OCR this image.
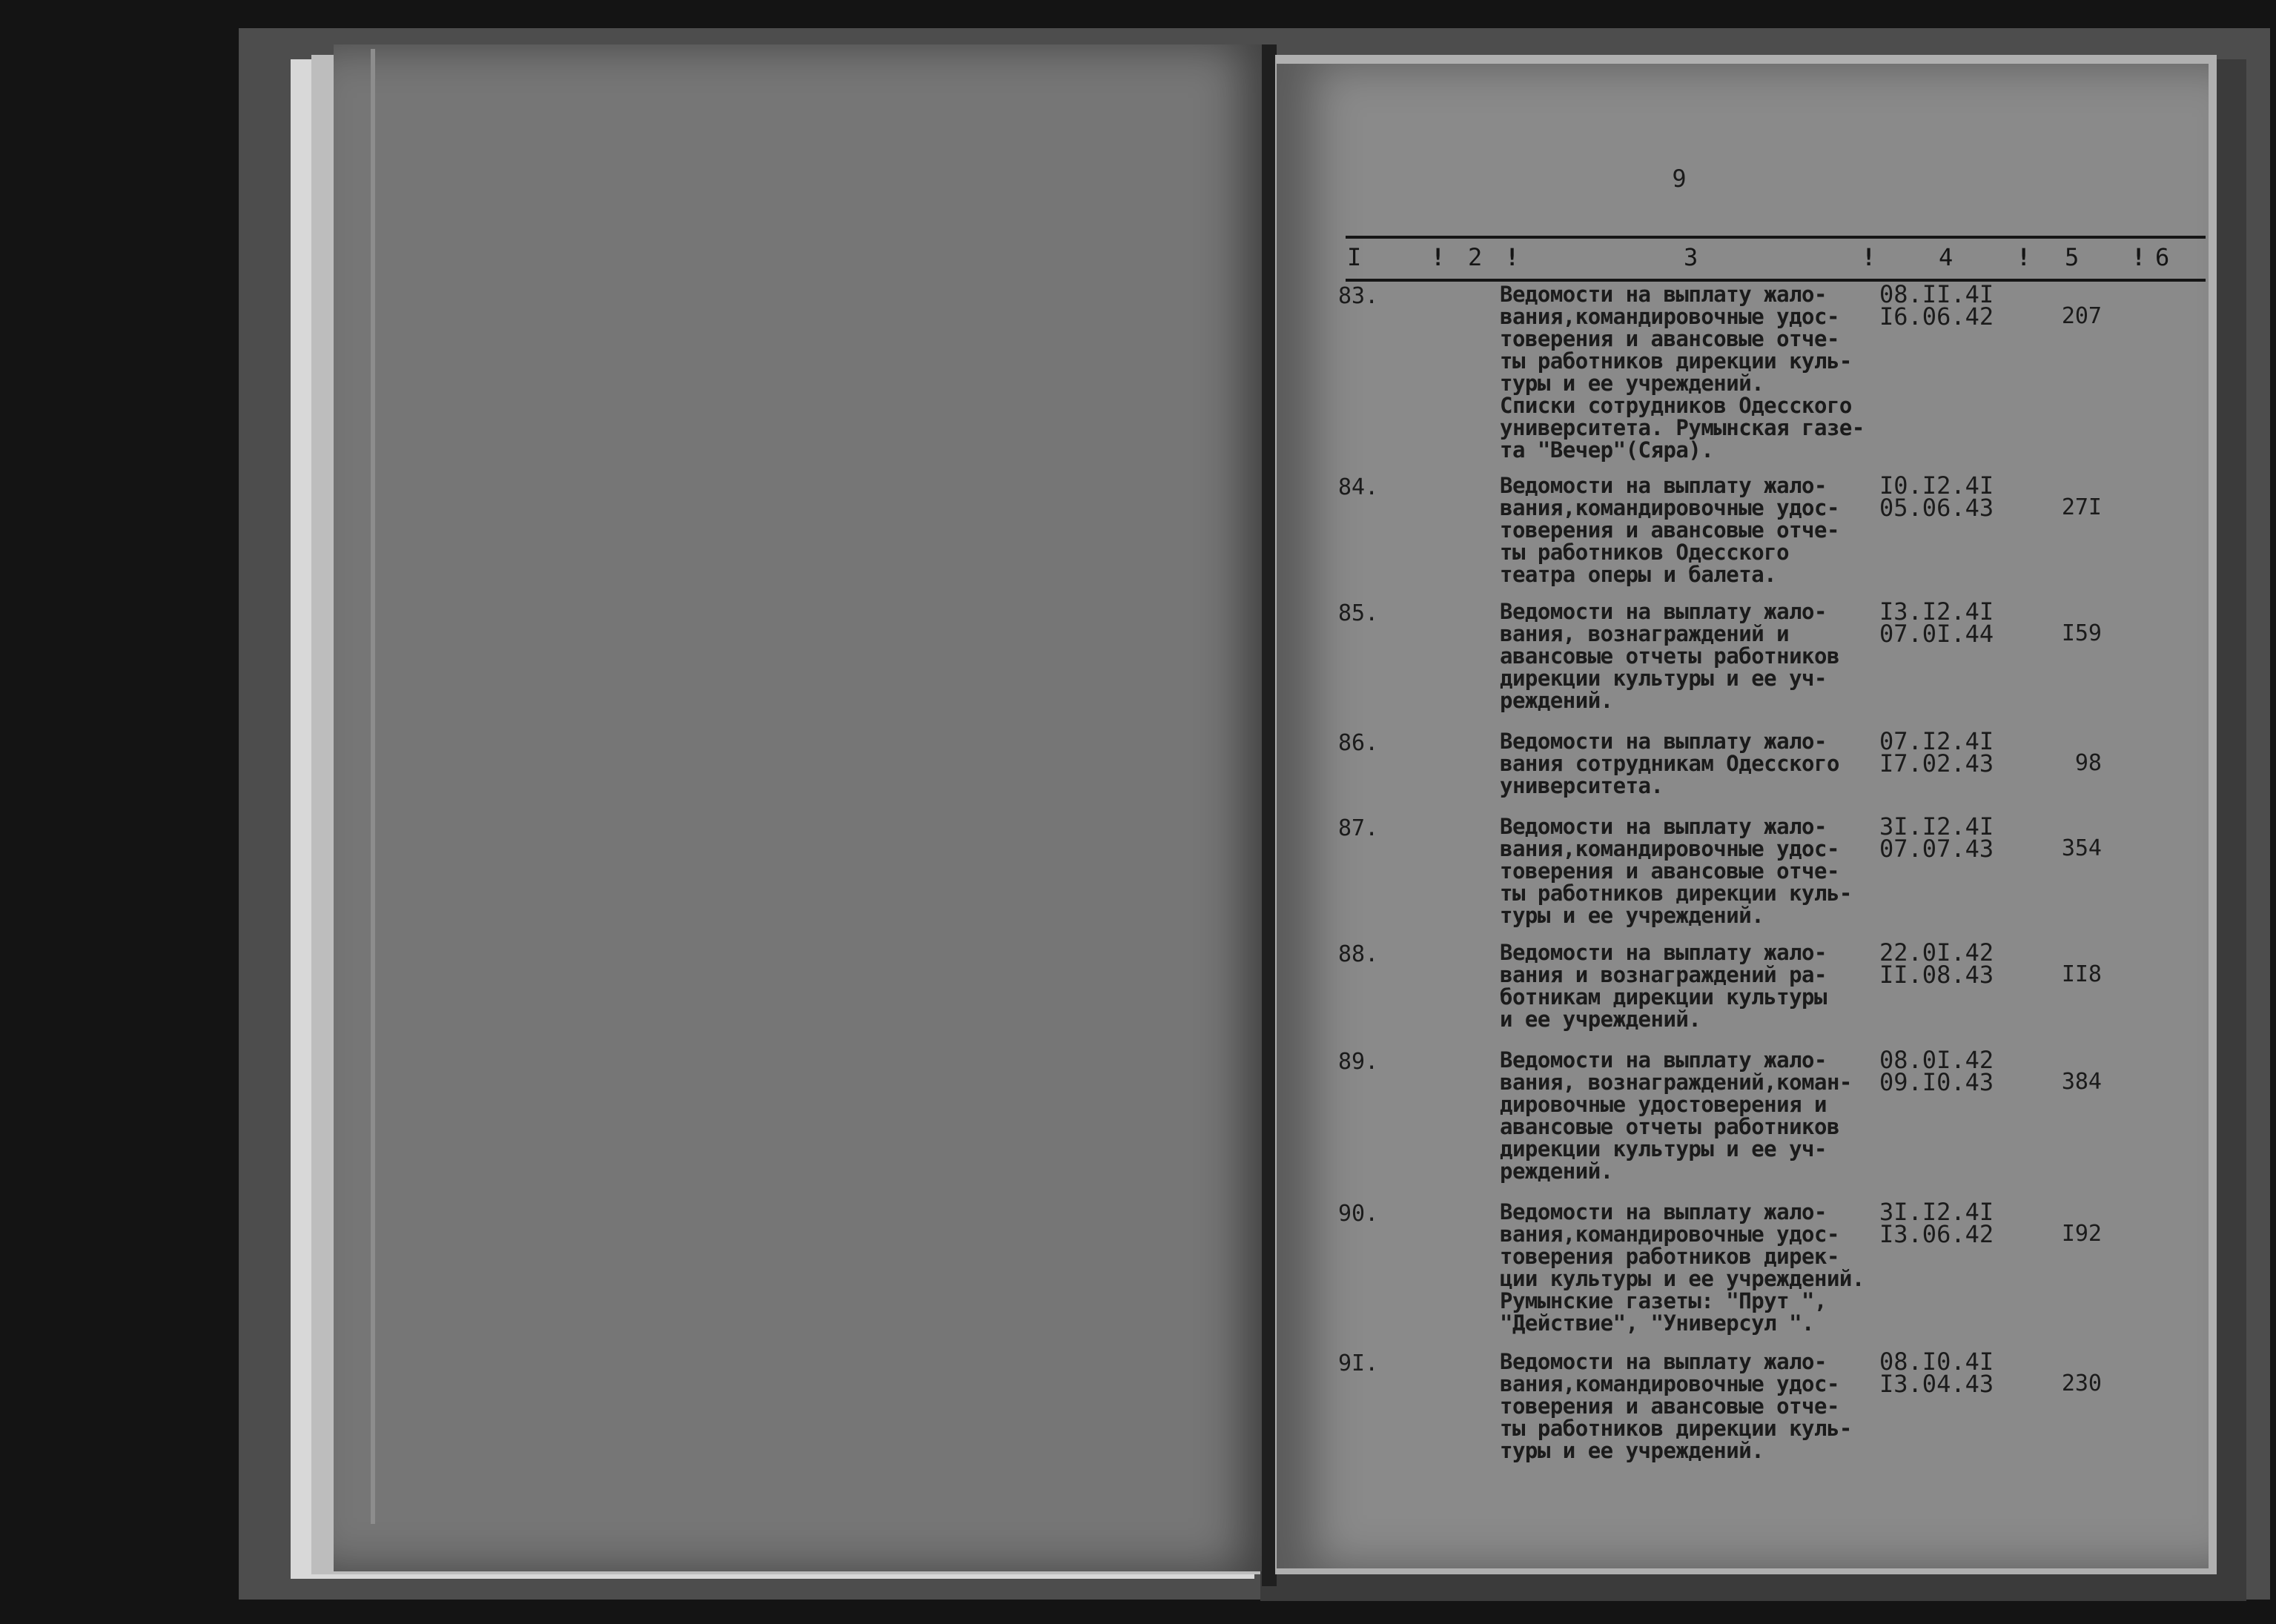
9
I	! 2 !	3	!	4	! 5 ! 6
83.	Ведомости на выплату жало-
вания,командировочные удос-
товерения и авансовые отче-
ты работников дирекции куль-
туры и ее учреждений.
Списки сотрудников Одесского
университета. Румынская газе-
та "Вечер"(Сяра).
08.II.4I
I6.06.42	207
84.	Ведомости на выплату жало-
вания,командировочные удос-
товерения и авансовые отче-
ты работников Одесского
театра оперы и балета.
I0.I2.4I
05.06.43	27I
85.	Ведомости на выплату жало-
вания, вознаграждений и
авансовые отчеты работников
дирекции культуры и ее уч-
реждений.
I3.I2.4I
07.0I.44	I59
86.	Ведомости на выплату жало-
вания сотрудникам Одесского
университета.
07.I2.4I
I7.02.43	98
87.	Ведомости на выплату жало-
вания,командировочные удос-
товерения и авансовые отче-
ты работников дирекции куль-
туры и ее учреждений.
3I.I2.4I
07.07.43	354
88.	Ведомости на выплату жало-
вания и вознаграждений ра-
ботникам дирекции культуры
и ее учреждений.
22.0I.42
II.08.43	II8
89.	Ведомости на выплату жало-
вания, вознаграждений,коман-
дировочные удостоверения и
авансовые отчеты работников
дирекции культуры и ее уч-
реждений.
08.0I.42
09.I0.43	384
90.	Ведомости на выплату жало-
вания,командировочные удос-
товерения работников дирек-
ции культуры и ее учреждений.
Румынские газеты: "Прут ",
"Действие", "Универсул ".
3I.I2.4I
I3.06.42	I92
9I.	Ведомости на выплату жало-
вания,командировочные удос-
товерения и авансовые отче-
ты работников дирекции куль-
туры и ее учреждений.
08.I0.4I
I3.04.43	230
